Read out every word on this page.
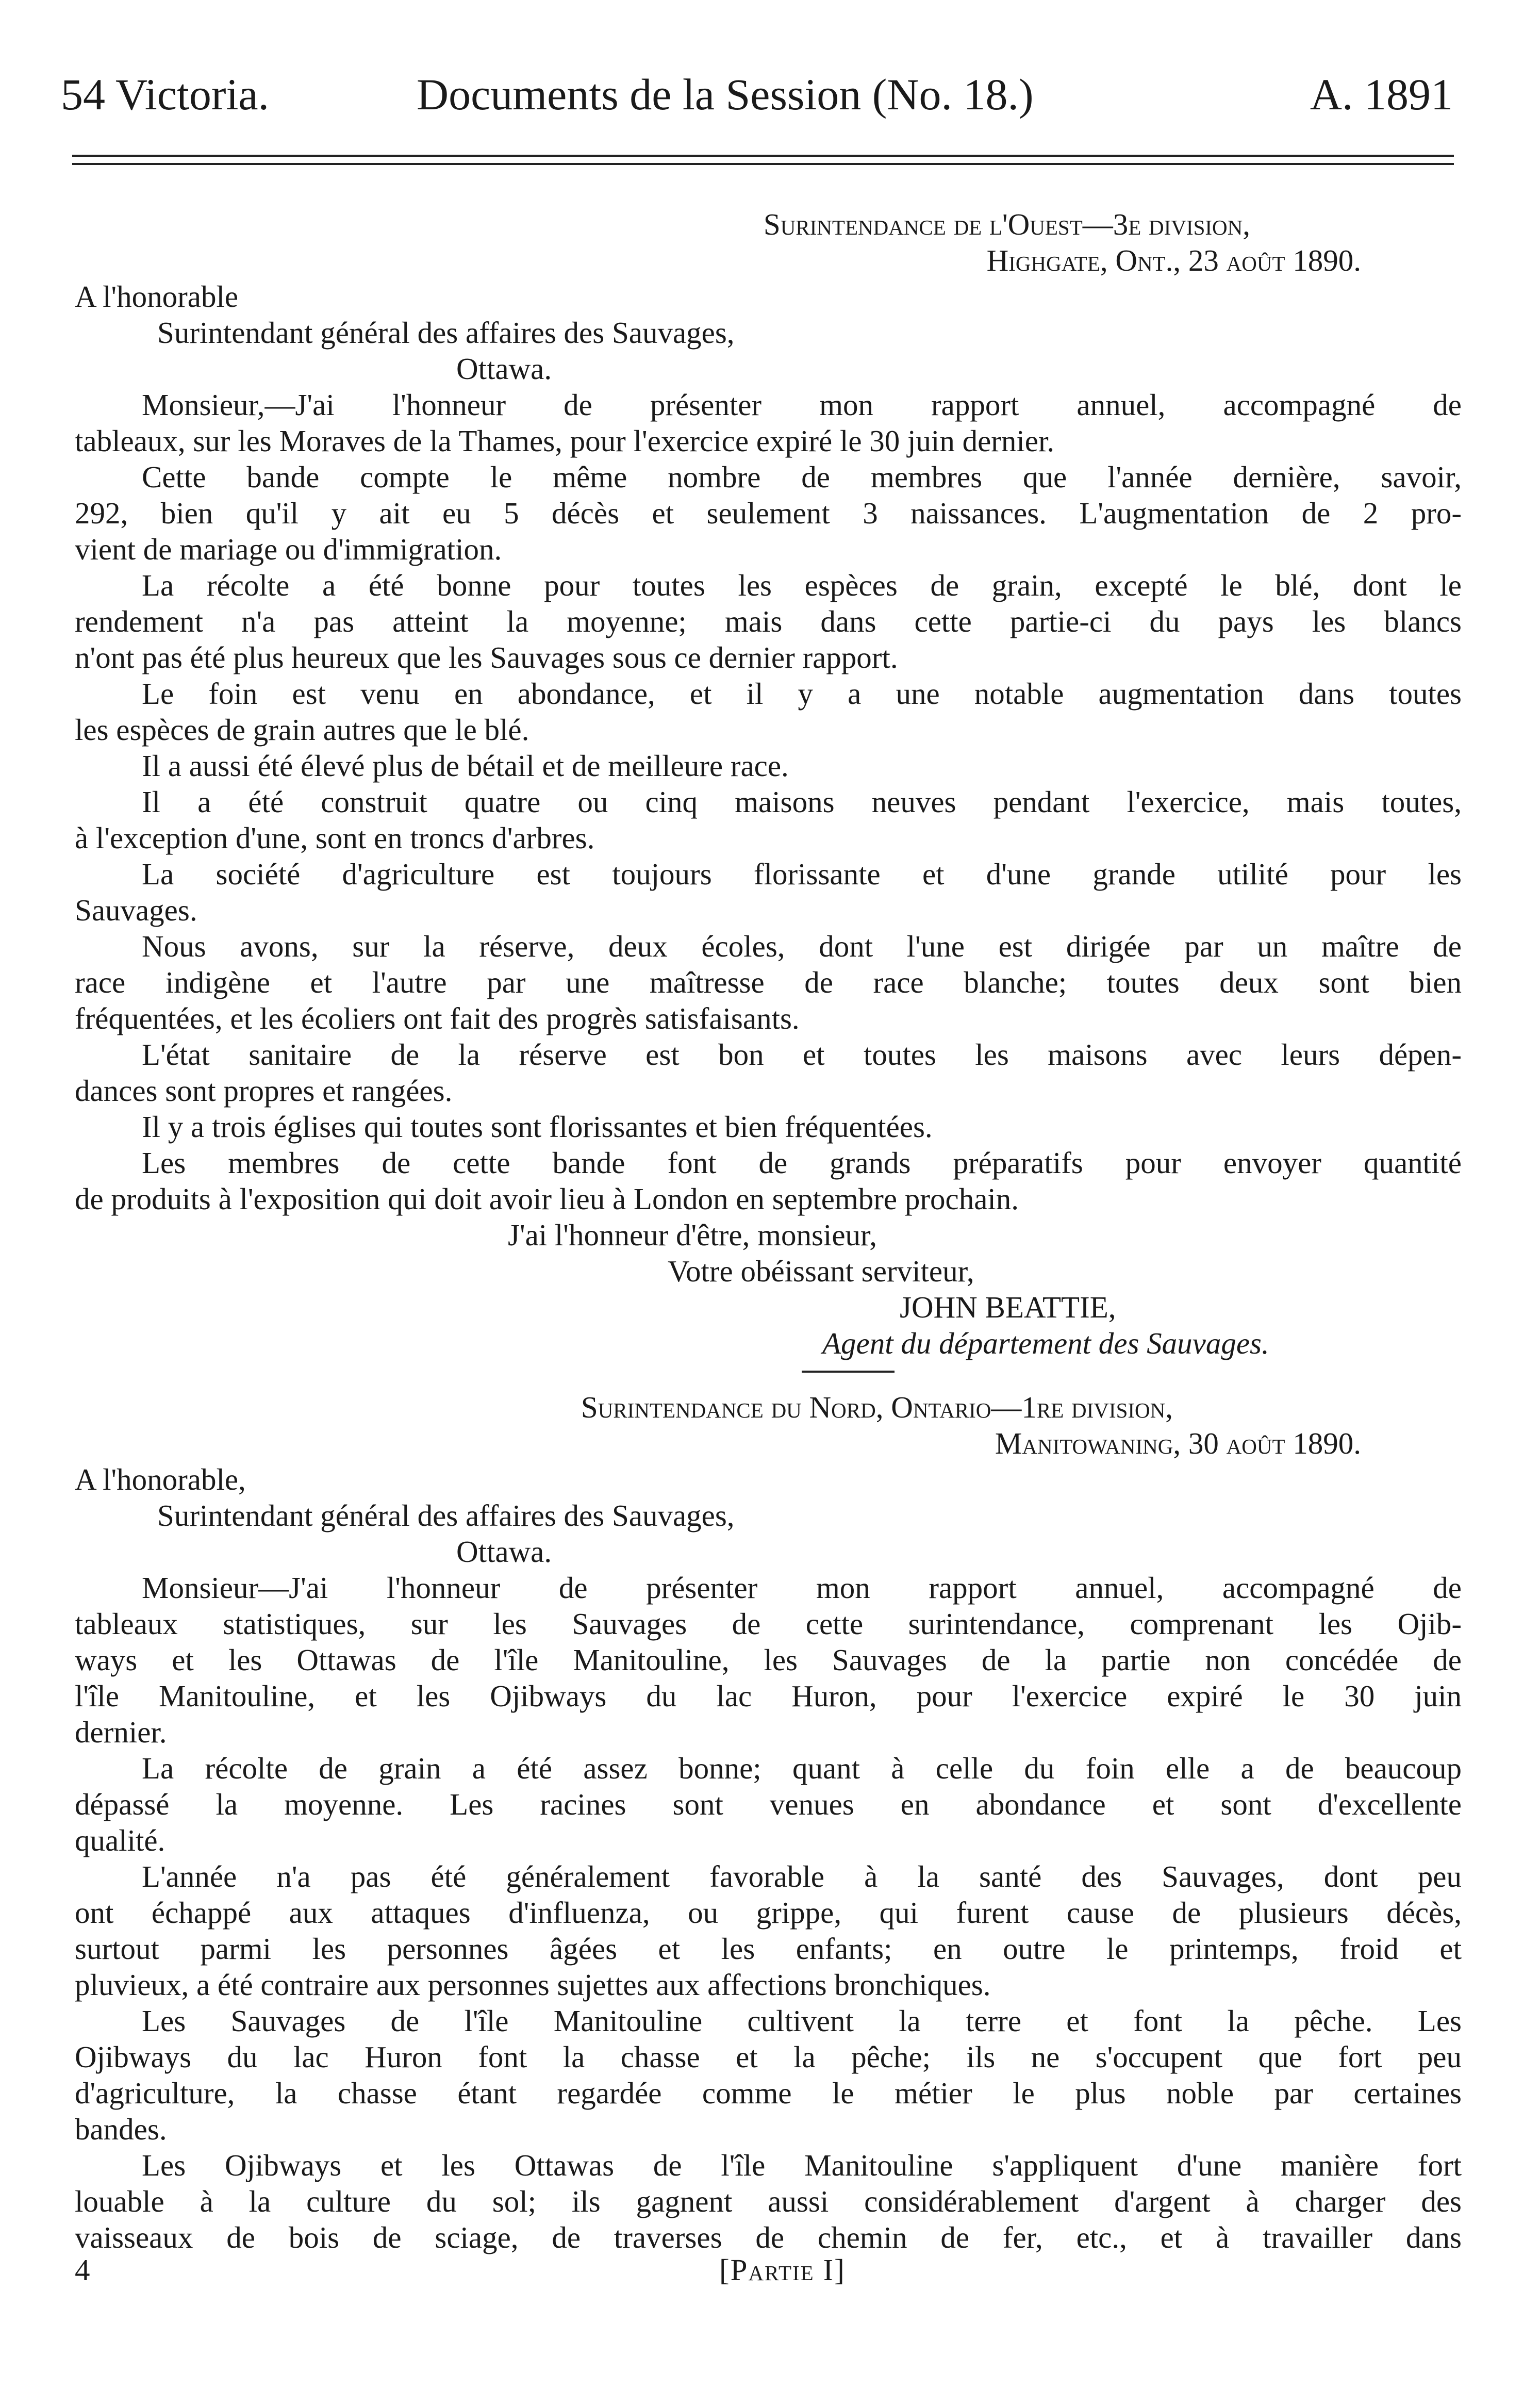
54 Victoria.	Documents de la Session (No. 18.)	A. 1891
Surintendance de l'Ouest—3e division,
Highgate, Ont., 23 août 1890.
A l'honorable
Surintendant général des affaires des Sauvages,
Ottawa.
Monsieur,—J'ai l'honneur de présenter mon rapport annuel, accompagné de
tableaux, sur les Moraves de la Thames, pour l'exercice expiré le 30 juin dernier.
Cette bande compte le même nombre de membres que l'année dernière, savoir,
292, bien qu'il y ait eu 5 décès et seulement 3 naissances. L'augmentation de 2 pro-
vient de mariage ou d'immigration.
La récolte a été bonne pour toutes les espèces de grain, excepté le blé, dont le
rendement n'a pas atteint la moyenne; mais dans cette partie-ci du pays les blancs
n'ont pas été plus heureux que les Sauvages sous ce dernier rapport.
Le foin est venu en abondance, et il y a une notable augmentation dans toutes
les espèces de grain autres que le blé.
Il a aussi été élevé plus de bétail et de meilleure race.
Il a été construit quatre ou cinq maisons neuves pendant l'exercice, mais toutes,
à l'exception d'une, sont en troncs d'arbres.
La société d'agriculture est toujours florissante et d'une grande utilité pour les
Sauvages.
Nous avons, sur la réserve, deux écoles, dont l'une est dirigée par un maître de
race indigène et l'autre par une maîtresse de race blanche; toutes deux sont bien
fréquentées, et les écoliers ont fait des progrès satisfaisants.
L'état sanitaire de la réserve est bon et toutes les maisons avec leurs dépen-
dances sont propres et rangées.
Il y a trois églises qui toutes sont florissantes et bien fréquentées.
Les membres de cette bande font de grands préparatifs pour envoyer quantité
de produits à l'exposition qui doit avoir lieu à London en septembre prochain.
J'ai l'honneur d'être, monsieur,
Votre obéissant serviteur,
JOHN BEATTIE,
Agent du département des Sauvages.
Surintendance du Nord, Ontario—1re division,
Manitowaning, 30 août 1890.
A l'honorable,
Surintendant général des affaires des Sauvages,
Ottawa.
Monsieur—J'ai l'honneur de présenter mon rapport annuel, accompagné de
tableaux statistiques, sur les Sauvages de cette surintendance, comprenant les Ojib-
ways et les Ottawas de l'île Manitouline, les Sauvages de la partie non concédée de
l'île Manitouline, et les Ojibways du lac Huron, pour l'exercice expiré le 30 juin
dernier.
La récolte de grain a été assez bonne; quant à celle du foin elle a de beaucoup
dépassé la moyenne. Les racines sont venues en abondance et sont d'excellente
qualité.
L'année n'a pas été généralement favorable à la santé des Sauvages, dont peu
ont échappé aux attaques d'influenza, ou grippe, qui furent cause de plusieurs décès,
surtout parmi les personnes âgées et les enfants; en outre le printemps, froid et
pluvieux, a été contraire aux personnes sujettes aux affections bronchiques.
Les Sauvages de l'île Manitouline cultivent la terre et font la pêche. Les
Ojibways du lac Huron font la chasse et la pêche; ils ne s'occupent que fort peu
d'agriculture, la chasse étant regardée comme le métier le plus noble par certaines
bandes.
Les Ojibways et les Ottawas de l'île Manitouline s'appliquent d'une manière fort
louable à la culture du sol; ils gagnent aussi considérablement d'argent à charger des
vaisseaux de bois de sciage, de traverses de chemin de fer, etc., et à travailler dans
4	[Partie I]
